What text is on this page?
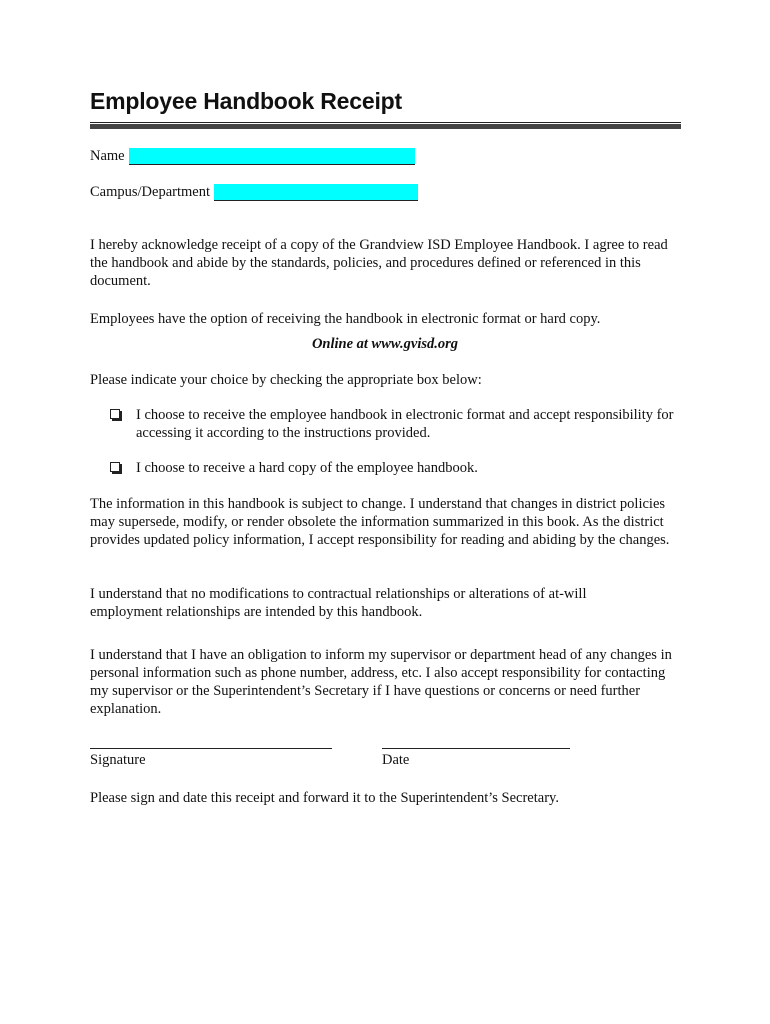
Employee Handbook Receipt
Name
Campus/Department

I hereby acknowledge receipt of a copy of the Grandview ISD Employee Handbook. I agree to read the handbook and abide by the standards, policies, and procedures defined or referenced in this document.

Employees have the option of receiving the handbook in electronic format or hard copy.

Online at www.gvisd.org

Please indicate your choice by checking the appropriate box below:

I choose to receive the employee handbook in electronic format and accept responsibility for accessing it according to the instructions provided.
I choose to receive a hard copy of the employee handbook.

The information in this handbook is subject to change. I understand that changes in district policies may supersede, modify, or render obsolete the information summarized in this book. As the district provides updated policy information, I accept responsibility for reading and abiding by the changes.

I understand that no modifications to contractual relationships or alterations of at-will employment relationships are intended by this handbook.

I understand that I have an obligation to inform my supervisor or department head of any changes in personal information such as phone number, address, etc. I also accept responsibility for contacting my supervisor or the Superintendent’s Secretary if I have questions or concerns or need further explanation.

Signature	Date

Please sign and date this receipt and forward it to the Superintendent’s Secretary.
